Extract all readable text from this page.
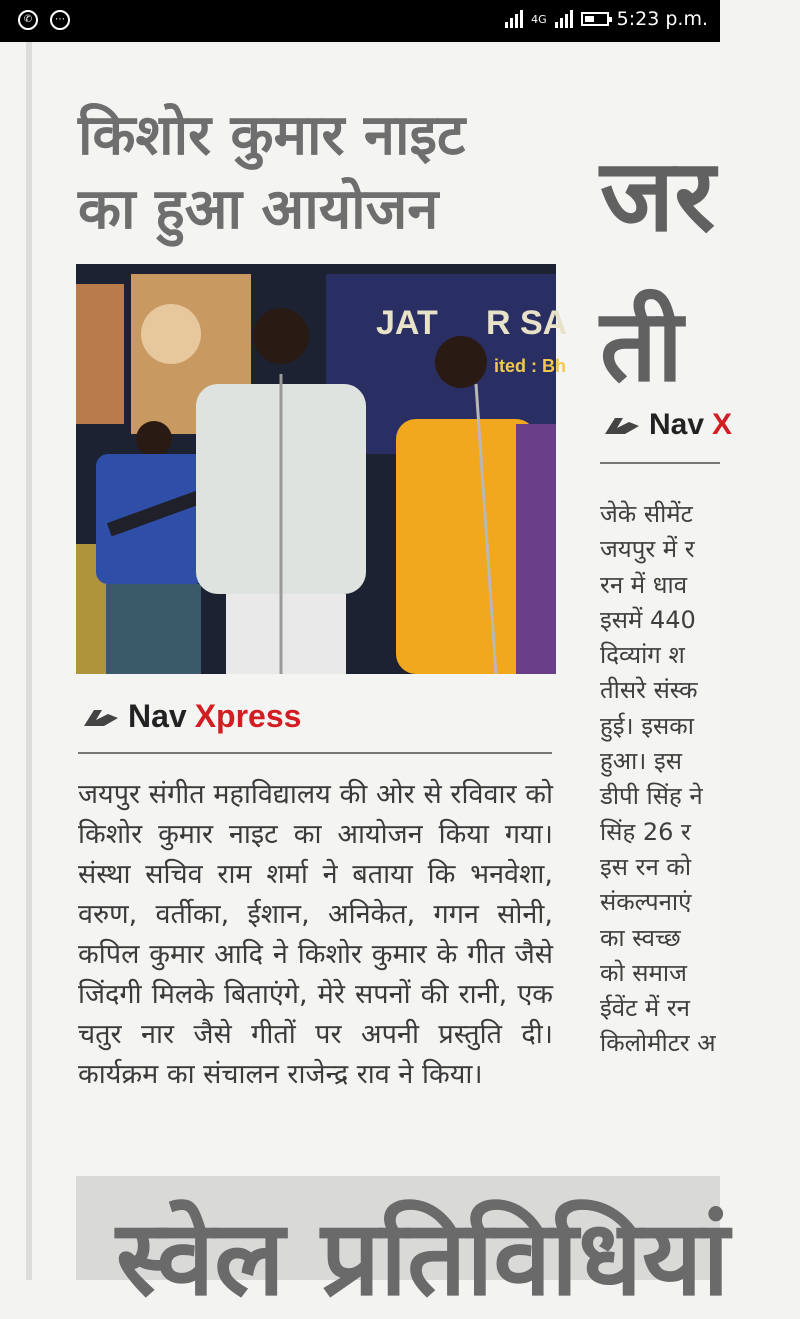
✆	⋯	4G	5:23 p.m.
किशोर कुमार नाइट
का हुआ आयोजन
JAT R SA
ited : Bh
Nav Xpress

जयपुर संगीत महाविद्यालय की ओर से रविवार को किशोर कुमार नाइट का आयोजन किया गया। संस्था सचिव राम शर्मा ने बताया कि भनवेशा, वरुण, वर्तीका, ईशान, अनिकेत, गगन सोनी, कपिल कुमार आदि ने किशोर कुमार के गीत जैसे जिंदगी मिलके बिताएंगे, मेरे सपनों की रानी, एक चतुर नार जैसे गीतों पर अपनी प्रस्तुति दी। कार्यक्रम का संचालन राजेन्द्र राव ने किया।

जर
ती
Nav X
जेके सीमेंट
जयपुर में र
रन में धाव
इसमें 440
दिव्यांग श
तीसरे संस्क
हुई। इसका
हुआ। इस
डीपी सिंह ने
सिंह 26 र
इस रन को
संकल्पनाएं
का स्वच्छ
को समाज
ईवेंट में रन
किलोमीटर अ
स्वेल प्रतिविधियां
